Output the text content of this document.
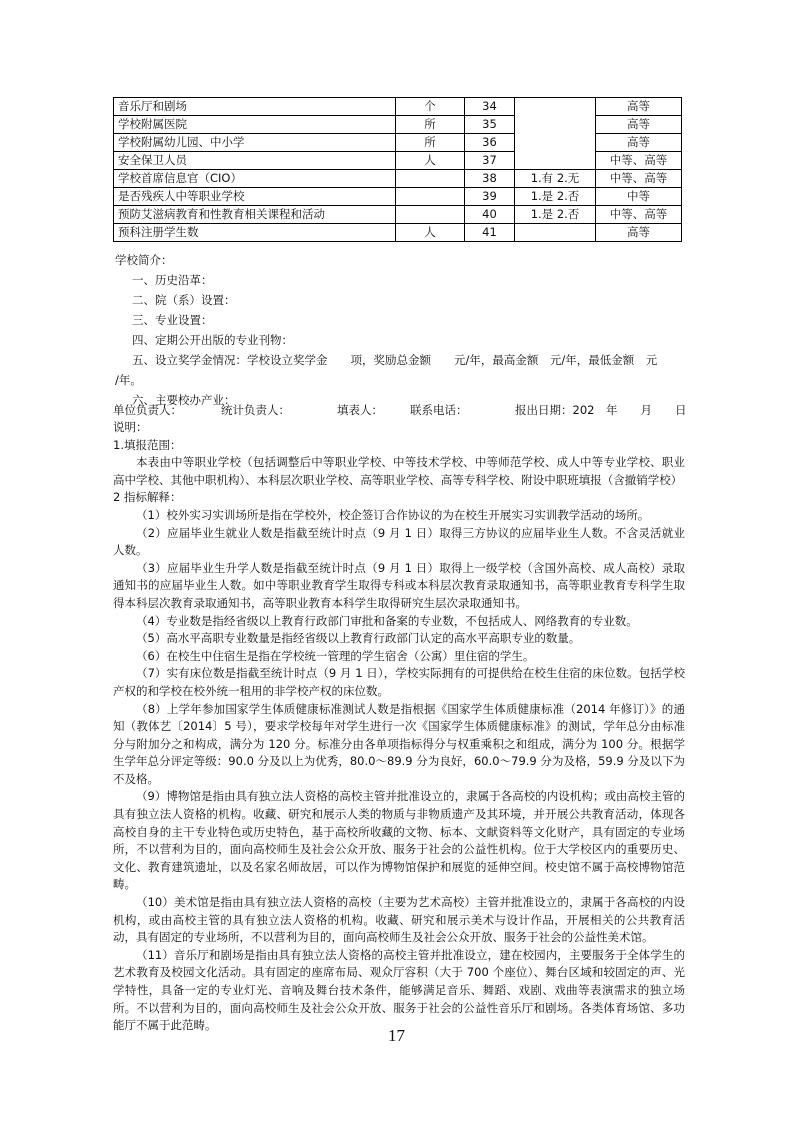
音乐厅和剧场	个	34		高等
学校附属医院	所	35		高等
学校附属幼儿园、中小学	所	36		高等
安全保卫人员	人	37		中等、高等
学校首席信息官（CIO）		38	1.有 2.无	中等、高等
是否残疾人中等职业学校		39	1.是 2.否	中等
预防艾滋病教育和性教育相关课程和活动		40	1.是 2.否	中等、高等
预科注册学生数	人	41		高等

学校简介：

一、历史沿革：

二、院（系）设置：

三、专业设置：

四、定期公开出版的专业刊物：

五、设立奖学金情况：学校设立奖学金　　项，奖励总金额　　元/年，最高金额　元/年，最低金额　元

/年。

六、主要校办产业：

单位负责人：	统计负责人：	填表人： 联系电话：	报出日期：202　年　　月　　日

说明：

1.填报范围：

本表由中等职业学校（包括调整后中等职业学校、中等技术学校、中等师范学校、成人中等专业学校、职业高中学校、其他中职机构）、本科层次职业学校、高等职业学校、高等专科学校、附设中职班填报（含撤销学校）

2 指标解释：

（1）校外实习实训场所是指在学校外，校企签订合作协议的为在校生开展实习实训教学活动的场所。

（2）应届毕业生就业人数是指截至统计时点（9 月 1 日）取得三方协议的应届毕业生人数。不含灵活就业人数。

（3）应届毕业生升学人数是指截至统计时点（9 月 1 日）取得上一级学校（含国外高校、成人高校）录取通知书的应届毕业生人数。如中等职业教育学生取得专科或本科层次教育录取通知书，高等职业教育专科学生取得本科层次教育录取通知书，高等职业教育本科学生取得研究生层次录取通知书。

（4）专业数是指经省级以上教育行政部门审批和备案的专业数，不包括成人、网络教育的专业数。

（5）高水平高职专业数量是指经省级以上教育行政部门认定的高水平高职专业的数量。

（6）在校生中住宿生是指在学校统一管理的学生宿舍（公寓）里住宿的学生。

（7）实有床位数是指截至统计时点（9 月 1 日），学校实际拥有的可提供给在校生住宿的床位数。包括学校产权的和学校在校外统一租用的非学校产权的床位数。

（8）上学年参加国家学生体质健康标准测试人数是指根据《国家学生体质健康标准（2014 年修订）》的通知（教体艺〔2014〕5 号），要求学校每年对学生进行一次《国家学生体质健康标准》的测试，学年总分由标准分与附加分之和构成，满分为 120 分。标准分由各单项指标得分与权重乘积之和组成，满分为 100 分。根据学生学年总分评定等级：90.0 分及以上为优秀，80.0～89.9 分为良好，60.0～79.9 分为及格，59.9 分及以下为不及格。

（9）博物馆是指由具有独立法人资格的高校主管并批准设立的，隶属于各高校的内设机构；或由高校主管的具有独立法人资格的机构。收藏、研究和展示人类的物质与非物质遗产及其环境，并开展公共教育活动，体现各高校自身的主干专业特色或历史特色，基于高校所收藏的文物、标本、文献资料等文化财产，具有固定的专业场所，不以营利为目的，面向高校师生及社会公众开放、服务于社会的公益性机构。位于大学校区内的重要历史、文化、教育建筑遗址，以及名家名师故居，可以作为博物馆保护和展览的延伸空间。校史馆不属于高校博物馆范畴。

（10）美术馆是指由具有独立法人资格的高校（主要为艺术高校）主管并批准设立的，隶属于各高校的内设机构，或由高校主管的具有独立法人资格的机构。收藏、研究和展示美术与设计作品，开展相关的公共教育活动，具有固定的专业场所，不以营利为目的，面向高校师生及社会公众开放、服务于社会的公益性美术馆。

（11）音乐厅和剧场是指由具有独立法人资格的高校主管并批准设立，建在校园内，主要服务于全体学生的艺术教育及校园文化活动。具有固定的座席布局、观众厅容积（大于 700 个座位）、舞台区域和较固定的声、光学特性，具备一定的专业灯光、音响及舞台技术条件，能够满足音乐、舞蹈、戏剧、戏曲等表演需求的独立场所。不以营利为目的，面向高校师生及社会公众开放、服务于社会的公益性音乐厅和剧场。各类体育场馆、多功能厅不属于此范畴。

17
